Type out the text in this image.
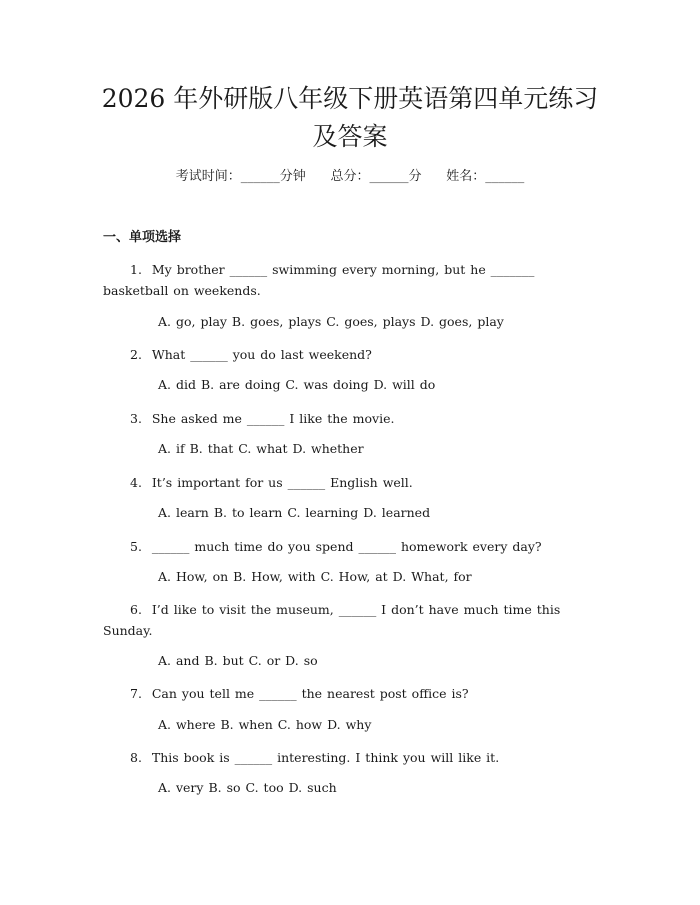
2026 年外研版八年级下册英语第四单元练习
及答案
考试时间：______分钟      总分：______分      姓名：______
一、单项选择
1.  My brother ______ swimming every morning, but he _______ basketball on weekends.
A. go, play B. goes, plays C. goes, plays D. goes, play
2.  What ______ you do last weekend?
A. did B. are doing C. was doing D. will do
3.  She asked me ______ I like the movie.
A. if B. that C. what D. whether
4.  It’s important for us ______ English well.
A. learn B. to learn C. learning D. learned
5.  ______ much time do you spend ______ homework every day?
A. How, on B. How, with C. How, at D. What, for
6.  I’d like to visit the museum, ______ I don’t have much time this Sunday.
A. and B. but C. or D. so
7.  Can you tell me ______ the nearest post office is?
A. where B. when C. how D. why
8.  This book is ______ interesting. I think you will like it.
A. very B. so C. too D. such
